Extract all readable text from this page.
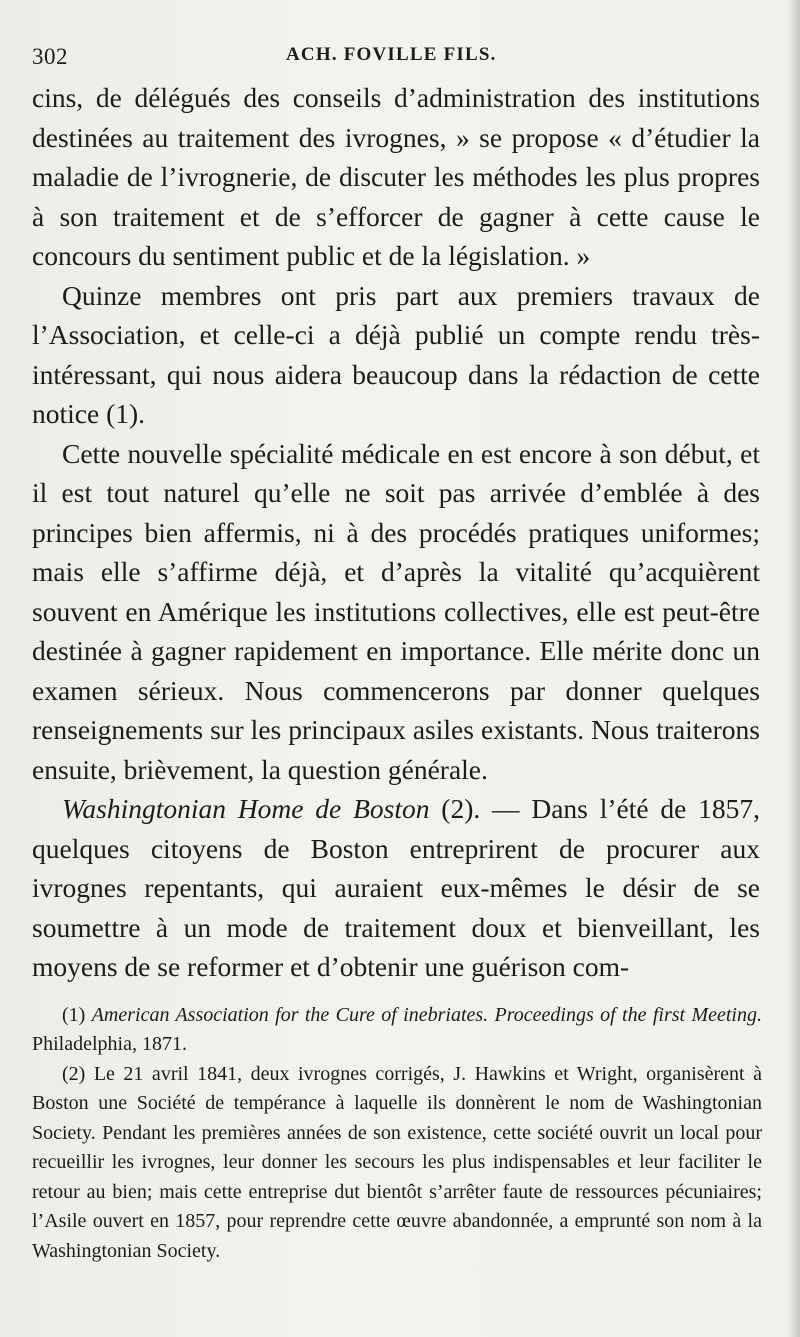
302	ACH. FOVILLE FILS.

cins, de délégués des conseils d’administration des institutions destinées au traitement des ivrognes, » se propose « d’étudier la maladie de l’ivrognerie, de discuter les méthodes les plus propres à son traitement et de s’efforcer de gagner à cette cause le concours du sentiment public et de la législation. »

Quinze membres ont pris part aux premiers travaux de l’Association, et celle-ci a déjà publié un compte rendu très-intéressant, qui nous aidera beaucoup dans la rédaction de cette notice (1).

Cette nouvelle spécialité médicale en est encore à son début, et il est tout naturel qu’elle ne soit pas arrivée d’emblée à des principes bien affermis, ni à des procédés pratiques uniformes; mais elle s’affirme déjà, et d’après la vitalité qu’acquièrent souvent en Amérique les institutions collectives, elle est peut-être destinée à gagner rapidement en importance. Elle mérite donc un examen sérieux. Nous commencerons par donner quelques renseignements sur les principaux asiles existants. Nous traiterons ensuite, brièvement, la question générale.

Washingtonian Home de Boston (2). — Dans l’été de 1857, quelques citoyens de Boston entreprirent de procurer aux ivrognes repentants, qui auraient eux-mêmes le désir de se soumettre à un mode de traitement doux et bienveillant, les moyens de se reformer et d’obtenir une guérison com-

(1) American Association for the Cure of inebriates. Proceedings of the first Meeting. Philadelphia, 1871.

(2) Le 21 avril 1841, deux ivrognes corrigés, J. Hawkins et Wright, organisèrent à Boston une Société de tempérance à laquelle ils donnèrent le nom de Washingtonian Society. Pendant les premières années de son existence, cette société ouvrit un local pour recueillir les ivrognes, leur donner les secours les plus indispensables et leur faciliter le retour au bien; mais cette entreprise dut bientôt s’arrêter faute de ressources pécuniaires; l’Asile ouvert en 1857, pour reprendre cette œuvre abandonnée, a emprunté son nom à la Washingtonian Society.
